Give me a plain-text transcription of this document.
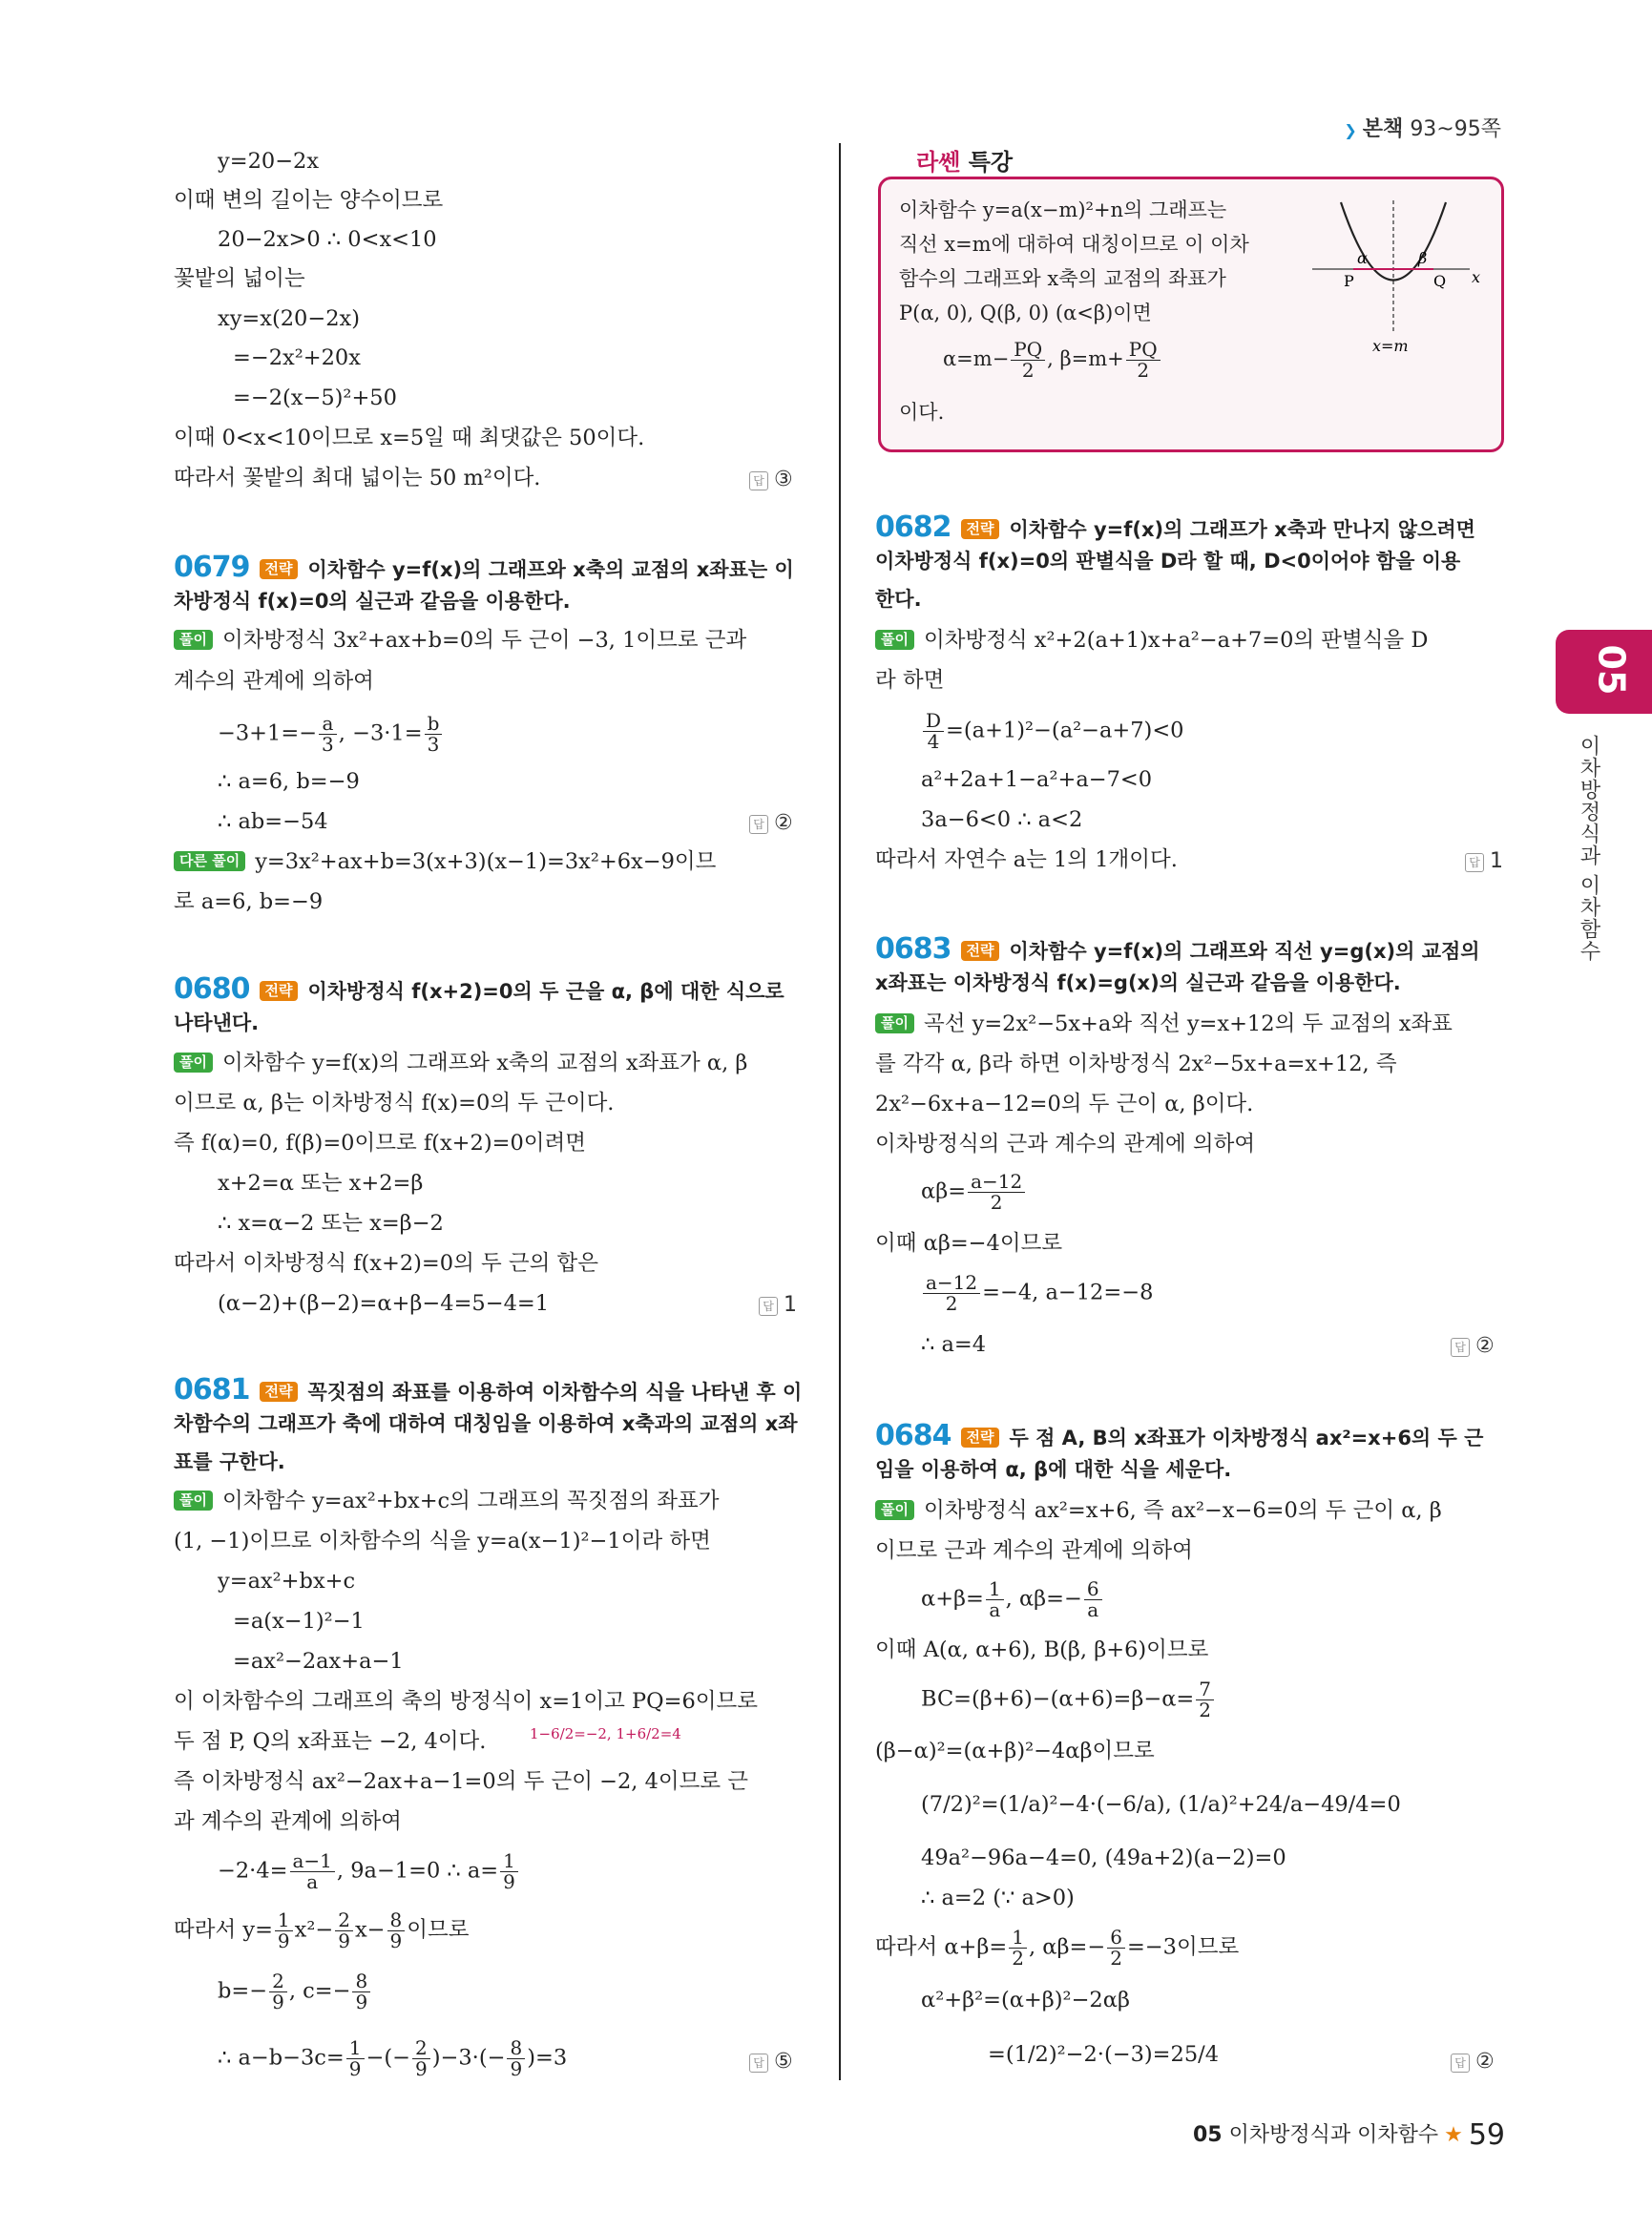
❯ 본책 93~95쪽
05
이차방정식과 이차함수
y=20−2x
이때 변의 길이는 양수이므로
20−2x>0 ∴ 0<x<10
꽃밭의 넓이는
xy=x(20−2x)
=−2x²+20x
=−2(x−5)²+50
이때 0<x<10이므로 x=5일 때 최댓값은 50이다.
따라서 꽃밭의 최대 넓이는 50 m²이다.	답 ③
0679 전략 이차함수 y=f(x)의 그래프와 x축의 교점의 x좌표는 이
차방정식 f(x)=0의 실근과 같음을 이용한다.
풀이 이차방정식 3x²+ax+b=0의 두 근이 −3, 1이므로 근과
계수의 관계에 의하여
$-3+1=- \frac{a}{3}$ , $-3\cdot 1= \frac{b}{3}$
∴ a=6, b=−9
∴ ab=−54	답 ②
다른 풀이 y=3x²+ax+b=3(x+3)(x−1)=3x²+6x−9이므
로 a=6, b=−9
0680 전략 이차방정식 f(x+2)=0의 두 근을 α, β에 대한 식으로
나타낸다.
풀이 이차함수 y=f(x)의 그래프와 x축의 교점의 x좌표가 α, β
이므로 α, β는 이차방정식 f(x)=0의 두 근이다.
즉 f(α)=0, f(β)=0이므로 f(x+2)=0이려면
x+2=α 또는 x+2=β
∴ x=α−2 또는 x=β−2
따라서 이차방정식 f(x+2)=0의 두 근의 합은
(α−2)+(β−2)=α+β−4=5−4=1	답 1
0681 전략 꼭짓점의 좌표를 이용하여 이차함수의 식을 나타낸 후 이
차함수의 그래프가 축에 대하여 대칭임을 이용하여 x축과의 교점의 x좌
표를 구한다.
풀이 이차함수 y=ax²+bx+c의 그래프의 꼭짓점의 좌표가
(1, −1)이므로 이차함수의 식을 y=a(x−1)²−1이라 하면
y=ax²+bx+c
=a(x−1)²−1
=ax²−2ax+a−1
이 이차함수의 그래프의 축의 방정식이 x=1이고 PQ=6이므로
두 점 P, Q의 x좌표는 −2, 4이다.	1−6/2=−2, 1+6/2=4
즉 이차방정식 ax²−2ax+a−1=0의 두 근이 −2, 4이므로 근
과 계수의 관계에 의하여
$-2\cdot 4= \frac{a-1}{a}$ , 9a−1=0 ∴ $a= \frac{1}{9}$
따라서 $y= \frac{1}{9} x^2- \frac{2}{9} x- \frac{8}{9}$ 이므로
$b=- \frac{2}{9}$ , $c=- \frac{8}{9}$
∴ $a-b-3c= \frac{1}{9}$ −(− $\frac{2}{9} )-3\cdot(- \frac{8}{9} )=3$	답 ⑤
라쎈 특강
이차함수 y=a(x−m)²+n의 그래프는
직선 x=m에 대하여 대칭이므로 이 이차
함수의 그래프와 x축의 교점의 좌표가
P(α, 0), Q(β, 0) (α<β)이면
$\alpha=m- \frac{PQ}{2}$ , $\beta=m+ \frac{PQ}{2}$
이다.
α	β
P	Q x
x=m
0682 전략 이차함수 y=f(x)의 그래프가 x축과 만나지 않으려면
이차방정식 f(x)=0의 판별식을 D라 할 때, D<0이어야 함을 이용
한다.
풀이 이차방정식 x²+2(a+1)x+a²−a+7=0의 판별식을 D
라 하면
$\frac{D}{4} =(a+1)^2-(a^2-a+7)<0$
a²+2a+1−a²+a−7<0
3a−6<0 ∴ a<2
따라서 자연수 a는 1의 1개이다.	답 1
0683 전략 이차함수 y=f(x)의 그래프와 직선 y=g(x)의 교점의
x좌표는 이차방정식 f(x)=g(x)의 실근과 같음을 이용한다.
풀이 곡선 y=2x²−5x+a와 직선 y=x+12의 두 교점의 x좌표
를 각각 α, β라 하면 이차방정식 2x²−5x+a=x+12, 즉
2x²−6x+a−12=0의 두 근이 α, β이다.
이차방정식의 근과 계수의 관계에 의하여
$\alpha\beta= \frac{a-12}{2}$
이때 αβ=−4이므로
$\frac{a-12}{2} =-4$, a−12=−8
∴ a=4	답 ②
0684 전략 두 점 A, B의 x좌표가 이차방정식 ax²=x+6의 두 근
임을 이용하여 α, β에 대한 식을 세운다.
풀이 이차방정식 ax²=x+6, 즉 ax²−x−6=0의 두 근이 α, β
이므로 근과 계수의 관계에 의하여
$\alpha+\beta= \frac{1}{a}$ , $\alpha\beta=- \frac{6}{a}$
이때 A(α, α+6), B(β, β+6)이므로
$BC=(\beta+6)-(\alpha+6)=\beta-\alpha= \frac{7}{2}$
(β−α)²=(α+β)²−4αβ이므로
(7/2)²=(1/a)²−4·(−6/a), (1/a)²+24/a−49/4=0
49a²−96a−4=0, (49a+2)(a−2)=0
∴ a=2 (∵ a>0)
따라서 $\alpha+\beta= \frac{1}{2}$ , $\alpha\beta=- \frac{6}{2} =-3$이므로
α²+β²=(α+β)²−2αβ
=(1/2)²−2·(−3)=25/4	답 ②
05 이차방정식과 이차함수 ★ 59
